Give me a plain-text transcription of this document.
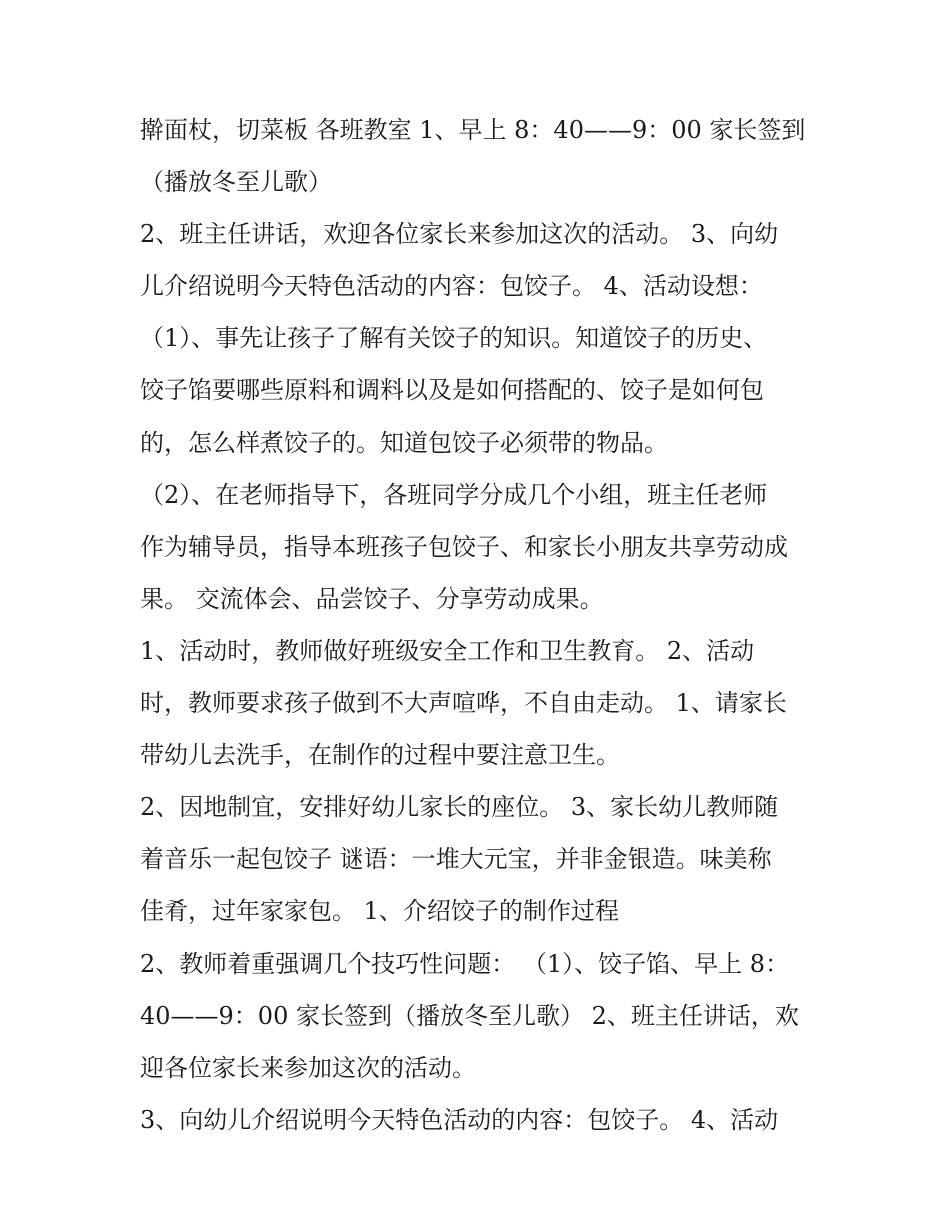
擀面杖，切菜板 各班教室 1、早上 8：40——9：00 家长签到
（播放冬至儿歌）
2、班主任讲话，欢迎各位家长来参加这次的活动。 3、向幼
儿介绍说明今天特色活动的内容：包饺子。 4、活动设想：
（1）、事先让孩子了解有关饺子的知识。知道饺子的历史、
饺子馅要哪些原料和调料以及是如何搭配的、饺子是如何包
的，怎么样煮饺子的。知道包饺子必须带的物品。
（2）、在老师指导下，各班同学分成几个小组，班主任老师
作为辅导员，指导本班孩子包饺子、和家长小朋友共享劳动成
果。 交流体会、品尝饺子、分享劳动成果。
1、活动时，教师做好班级安全工作和卫生教育。 2、活动
时，教师要求孩子做到不大声喧哗，不自由走动。 1、请家长
带幼儿去洗手，在制作的过程中要注意卫生。
2、因地制宜，安排好幼儿家长的座位。 3、家长幼儿教师随
着音乐一起包饺子 谜语：一堆大元宝，并非金银造。味美称
佳肴，过年家家包。 1、介绍饺子的制作过程
2、教师着重强调几个技巧性问题： （1）、饺子馅、早上 8：
40——9：00 家长签到（播放冬至儿歌） 2、班主任讲话，欢
迎各位家长来参加这次的活动。
3、向幼儿介绍说明今天特色活动的内容：包饺子。 4、活动
